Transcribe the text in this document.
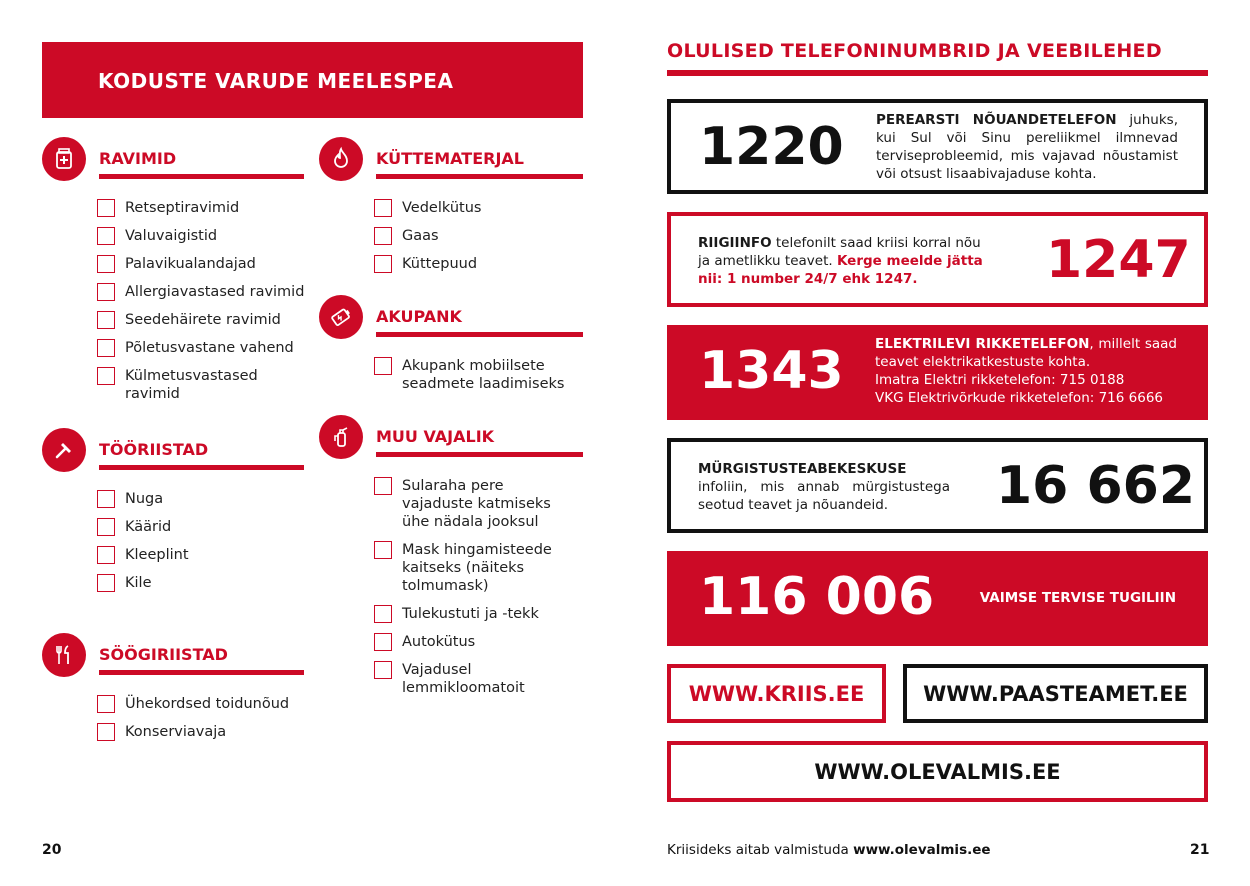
KODUSTE VARUDE MEELESPEA
RAVIMID
Retseptiravimid
Valuvaigistid
Palavikualandajad
Allergiavastased ravimid
Seedehäirete ravimid
Põletusvastane vahend
Külmetusvastased ravimid
KÜTTEMATERJAL
Vedelkütus
Gaas
Küttepuud
AKUPANK
Akupank mobiilsete seadmete laadimiseks
TÖÖRIISTAD
Nuga
Käärid
Kleeplint
Kile
MUU VAJALIK
Sularaha pere vajaduste katmiseks ühe nädala jooksul
Mask hingamisteede kaitseks (näiteks tolmumask)
Tulekustuti ja -tekk
Autokütus
Vajadusel lemmikloomatoit
SÖÖGIRIISTAD
Ühekordsed toidunõud
Konserviavaja
20
OLULISED TELEFONINUMBRID JA VEEBILEHED
1220 PEREARSTI NÕUANDETELEFON juhuks, kui Sul või Sinu pereliikmel ilmnevad terviseprobleemid, mis vajavad nõustamist või otsust lisaabivajaduse kohta.
RIIGIINFO telefonilt saad kriisi korral nõu ja ametlikku teavet. Kerge meelde jätta nii: 1 number 24/7 ehk 1247.	1247
1343 ELEKTRILEVI RIKKETELEFON, millelt saad teavet elektrikatkestuste kohta.
Imatra Elektri rikketelefon: 715 0188
VKG Elektrivõrkude rikketelefon: 716 6666
MÜRGISTUSTEABEKESKUSE infoliin, mis annab mürgistustega seotud teavet ja nõuandeid.	16 662
116 006	VAIMSE TERVISE TUGILIIN
WWW.KRIIS.EE	WWW.PAASTEAMET.EE
WWW.OLEVALMIS.EE
Kriisideks aitab valmistuda www.olevalmis.ee	21
